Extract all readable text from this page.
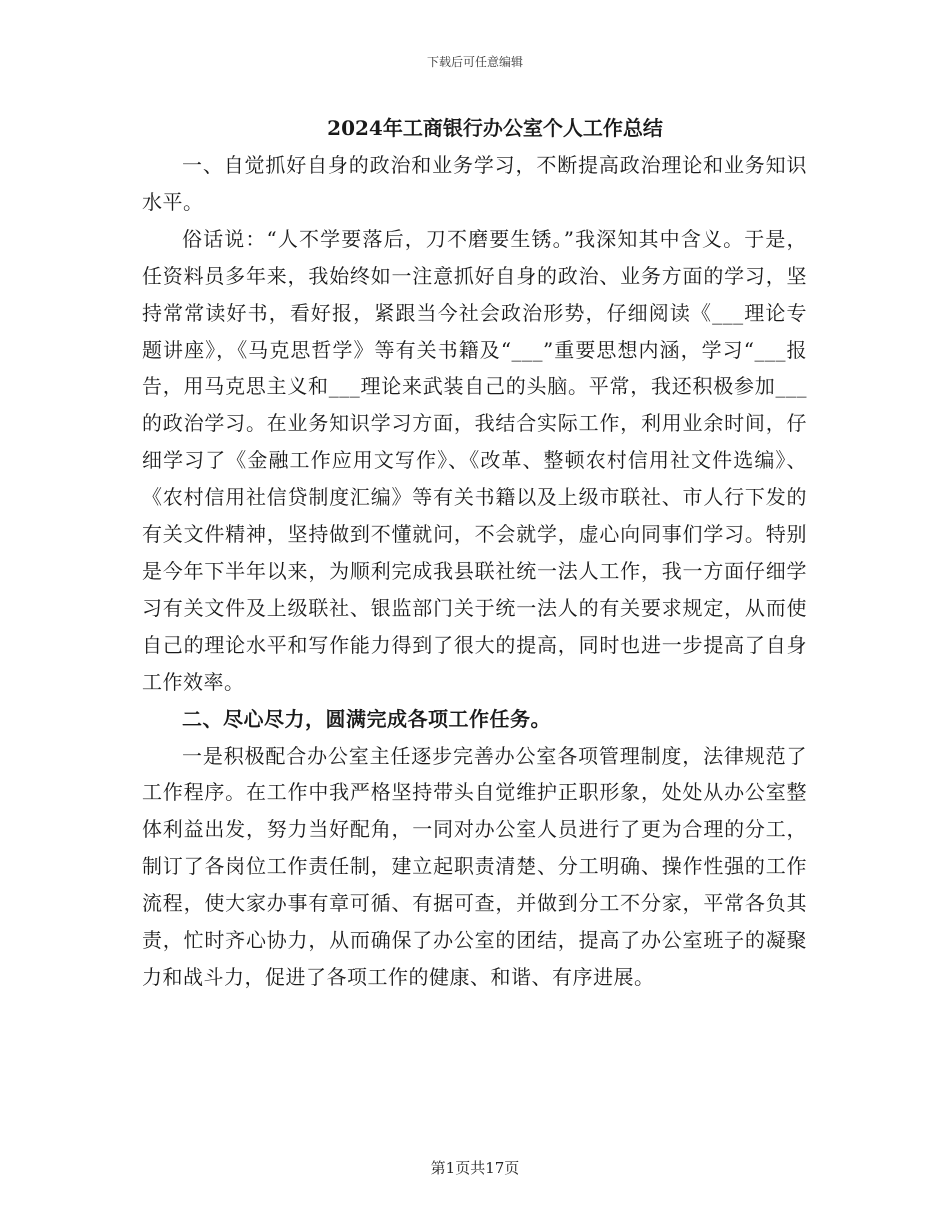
下载后可任意编辑
2024年工商银行办公室个人工作总结

一、自觉抓好自身的政治和业务学习，不断提高政治理论和业务知识水平。

俗话说：“人不学要落后，刀不磨要生锈。”我深知其中含义。于是，任资料员多年来，我始终如一注意抓好自身的政治、业务方面的学习，坚持常常读好书，看好报，紧跟当今社会政治形势，仔细阅读《___理论专题讲座》，《马克思哲学》等有关书籍及“___”重要思想内涵，学习“___报告，用马克思主义和___理论来武装自己的头脑。平常，我还积极参加___的政治学习。在业务知识学习方面，我结合实际工作，利用业余时间，仔细学习了《金融工作应用文写作》、《改革、整顿农村信用社文件选编》、《农村信用社信贷制度汇编》等有关书籍以及上级市联社、市人行下发的有关文件精神，坚持做到不懂就问，不会就学，虚心向同事们学习。特别是今年下半年以来，为顺利完成我县联社统一法人工作，我一方面仔细学习有关文件及上级联社、银监部门关于统一法人的有关要求规定，从而使自己的理论水平和写作能力得到了很大的提高，同时也进一步提高了自身工作效率。

二、尽心尽力，圆满完成各项工作任务。

一是积极配合办公室主任逐步完善办公室各项管理制度，法律规范了工作程序。在工作中我严格坚持带头自觉维护正职形象，处处从办公室整体利益出发，努力当好配角，一同对办公室人员进行了更为合理的分工，制订了各岗位工作责任制，建立起职责清楚、分工明确、操作性强的工作流程，使大家办事有章可循、有据可查，并做到分工不分家，平常各负其责，忙时齐心协力，从而确保了办公室的团结，提高了办公室班子的凝聚力和战斗力，促进了各项工作的健康、和谐、有序进展。

第1页共17页
